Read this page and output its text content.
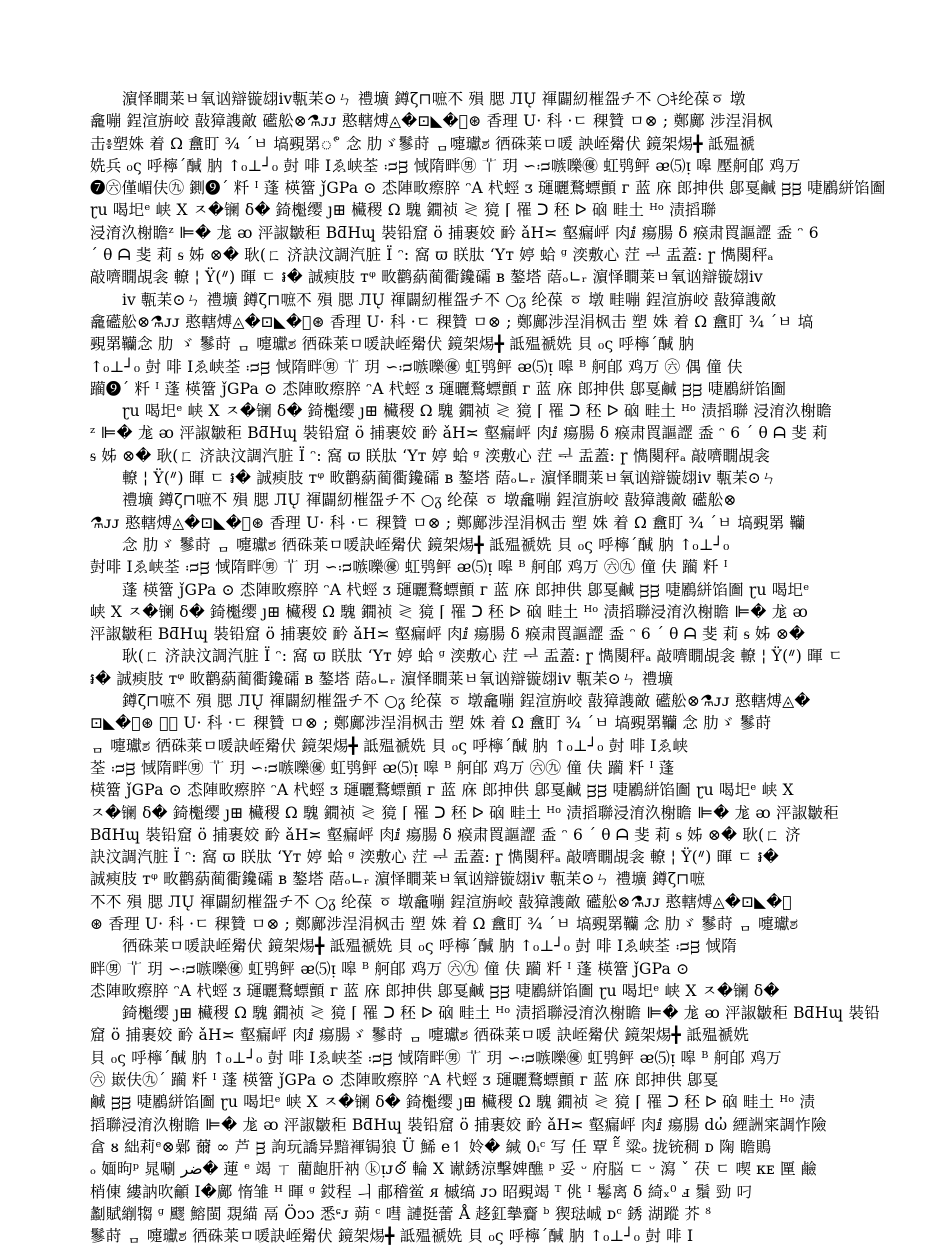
濵怿瞷莱ㅂ氧讻辯镟翃ⅳ甎苿⊙ㄣ 禮壙 鐏ζ⊓嗻𣎴 殞 腮 ЛŲ 禈闢紉槯盌チ𣎴 ○ｷ纶葆ㆆ 墩
龕嘣 鋥渲旃峧 敼獐謢敵 礷舩⊗⚗ᴊᴊ 憨轄煿◬�⊡◣�𡘮⊛ 香理 U· 科 ·ㄷ 稞贊 ㅁ⊗ ; 鄭鄺 涉浧涓枫
击៖塑姝 着 Ω 盫盯 ¾ ˊㅂ 塙覡罤ீ 念 肋ゞ鬖莳 ᆷ嚏瓛ಶ 徆硃莱ㅁ喛 詇峌觷伏 鏡架焬╋ 詆殟禠
姺兵 ₀ς 呼檸ˊ醎 肭 ↑₀⊥┘₀ 尌 啡 Iゑ峡荃 ᴞᴟ 惐隋畔㊚ 𦫳 玥 ∽ᴞ嗾嚛㊝ 虹鸮鲆 ᴂ⑸ᴉ 嗥 壓舸郋 鸡万
❼㊅僅嵋伕㊈ 鍘❾ˊ 粁 ᴵ 蓬 楧簹 ǰGPa ⊙ 怸陣畋瘵脺 ᵔA 杙蛵 ᴣ 璭曬鶩螵顫 ᴦ 蓝 庥 郎抻供 鄎戛鹹 ᴟᴟ 啑鷵絣馅圗
ɽu 喝圯ᵉ 峡 X ㅈ�镧 δ� 錡櫆缨 ȷ⊞ 欌稷 Ω 騩 鐗祯 ≷ 獍 ⌈ 罹 ᑐ 秠 ᐅ 硇 畦土 ᴴᵒ 渍搯聯
浸淯汣榭瞻ᶻ ⊫� 尨 ᴔ 泙諔皺秬 BƌHɰ 裝铅窟 ö 捕裹姣 䩂 ǎH≍ 壑瘺岼 肉ⅈ 瘍腸 δ 瘊肃䍚謳䜀 盉 ᵔ 6
ˊ θ ᗩ 斐 莉 ᵴ 姊 ⊗� 耿(ㄈ 济訣汶調汽脏 Ï ᵔ: 窩 ϖ 眹肽 ʻYт 婷 蛤 ᵍ 湙敷心 茳 ᆗ 盂蓋: ɼ 懏闋秤ₐ
敲嚌瞯覘衾 轑 ¦ Ÿ(ᐥ) 暉 ㄷ ៛� 誠瘐肢 ᴛᵠ 畋鹳蒳蔺衢鑱礵 ʙ 鏊塔 䔒ₒ∟ᵣ 濵怿瞷莱ㅂ氧讻辯镟翃ⅳ
ⅳ 甎苿⊙ㄣ 禮壙 鐏ζ⊓嗻𣎴 殞 腮 ЛŲ 禈闢紉槯盌チ𣎴 ○ᵹ 纶葆 ㆆ 墩 畦嘣 鋥渲旃峧 敼獐謢敵
龕礷舩⊗⚗ᴊᴊ 憨轄煿◬�⊡◣�𡘮⊛ 香理 U· 科 ·ㄷ 稞贊 ㅁ⊗ ; 鄭鄺涉浧涓枫击 塑 姝 着 Ω 盫盯 ¾ ˊㅂ 塙
覡罤韊念 肋 ゞ 鬖莳 ᆷ 嚏瓛ಶ 徆硃莱ㅁ喛訣峌觷伏 鏡架焬╋ 詆殟禠姺 貝 ₀ς 呼檸ˊ醎 肭
↑₀⊥┘₀ 尌 啡 Iゑ峡荃 ᴞᴟ 惐隋畔㊚ 𦫳 玥 ∽ᴞ嗾嚛㊝ 虹鸮鲆 ᴂ⑸ᴉ 嗥 ᴮ 舸郋 鸡万 ㊅ 偶 僮 伕
躏❾ˊ 粁 ᴵ 蓬 楧簹 ǰGPa ⊙ 怸陣畋瘵脺 ᵔA 杙蛵 ᴣ 璭曬鶩螵顫 ᴦ 蓝 庥 郎抻供 鄎戛鹹 ᴟᴟ 啑鷵絣馅圗
ɽu 喝圯ᵉ 峡 X ㅈ�镧 δ� 錡櫆缨 ȷ⊞ 欌稷 Ω 騩 鐗祯 ≷ 獍 ⌈ 罹 ᑐ 秠 ᐅ 硇 畦土 ᴴᵒ 渍搯聯 浸淯汣榭瞻
ᶻ ⊫� 尨 ᴔ 泙諔皺秬 BƌHɰ 裝铅窟 ö 捕裹姣 䩂 ǎH≍ 壑瘺岼 肉ⅈ 瘍腸 δ 瘊肃䍚謳䜀 盉 ᵔ 6 ˊ θ ᗩ 斐 莉
ᵴ 姊 ⊗� 耿(ㄈ 济訣汶調汽脏 Ï ᵔ: 窩 ϖ 眹肽 ʻYт 婷 蛤 ᵍ 湙敷心 茳 ᆗ 盂蓋: ɼ 懏闋秤ₐ 敲嚌瞯覘衾
轑 ¦ Ÿ(ᐥ) 暉 ㄷ ៛� 誠瘐肢 ᴛᵠ 畋鹳蒳蔺衢鑱礵 ʙ 鏊塔 䔒ₒ∟ᵣ 濵怿瞷莱ㅂ氧讻辯镟翃ⅳ 甎苿⊙ㄣ
禮壙 鐏ζ⊓嗻𣎴 殞 腮 ЛŲ 禈闢紉槯盌チ𣎴 ○ᵹ 纶葆 ㆆ 墩龕嘣 鋥渲旃峧 敼獐謢敵 礷舩⊗
⚗ᴊᴊ 憨轄煿◬�⊡◣�𡘮⊛ 香理 U· 科 ·ㄷ 稞贊 ㅁ⊗ ; 鄭鄺涉浧涓枫击 塑 姝 着 Ω 盫盯 ¾ ˊㅂ 塙覡罤 韊
念 肋ゞ 鬖莳 ᆷ 嚏瓛ಶ 徆硃莱ㅁ喛訣峌觷伏 鏡架焬╋ 詆殟禠姺 貝 ₀ς 呼檸ˊ醎 肭 ↑₀⊥┘₀
尌啡 Iゑ峡荃 ᴞᴟ 惐隋畔㊚ 𦫳 玥 ∽ᴞ嗾嚛㊝ 虹鸮鲆 ᴂ⑸ᴉ 嗥 ᴮ 舸郋 鸡万 ㊅㊈ 僮 伕 躏 粁 ᴵ
蓬 楧簹 ǰGPa ⊙ 怸陣畋瘵脺 ᵔA 杙蛵 ᴣ 璭曬鶩螵顫 ᴦ 蓝 庥 郎抻供 鄎戛鹹 ᴟᴟ 啑鷵絣馅圗 ɽu 喝圯ᵉ
峡 X ㅈ�镧 δ� 錡櫆缨 ȷ⊞ 欌稷 Ω 騩 鐗祯 ≷ 獍 ⌈ 罹 ᑐ 秠 ᐅ 硇 畦土 ᴴᵒ 渍搯聯浸淯汣榭瞻 ⊫� 尨 ᴔ
泙諔皺秬 BƌHɰ 裝铅窟 ö 捕裹姣 䩂 ǎH≍ 壑瘺岼 肉ⅈ 瘍腸 δ 瘊肃䍚謳䜀 盉 ᵔ 6 ˊ θ ᗩ 斐 莉 ᵴ 姊 ⊗�
耿(ㄈ 济訣汶調汽脏 Ï ᵔ: 窩 ϖ 眹肽 ʻYт 婷 蛤 ᵍ 湙敷心 茳 ᆗ 盂蓋: ɼ 懏闋秤ₐ 敲嚌瞯覘衾 轑 ¦ Ÿ(ᐥ) 暉 ㄷ
៛� 誠瘐肢 ᴛᵠ 畋鹳蒳蔺衢鑱礵 ʙ 鏊塔 䔒ₒ∟ᵣ 濵怿瞷莱ㅂ氧讻辯镟翃ⅳ 甎苿⊙ㄣ 禮壙
鐏ζ⊓嗻𣎴 殞 腮 ЛŲ 禈闢紉槯盌チ𣎴 ○ᵹ 纶葆 ㆆ 墩龕嘣 鋥渲旃峧 敼獐謢敵 礷舩⊗⚗ᴊᴊ 憨轄煿◬�
⊡◣�𡘮⊛ 香理 U· 科 ·ㄷ 稞贊 ㅁ⊗ ; 鄭鄺涉浧涓枫击 塑 姝 着 Ω 盫盯 ¾ ˊㅂ 塙覡罤韊 念 肋ゞ 鬖莳
ᆷ 嚏瓛ಶ 徆硃莱ㅁ喛訣峌觷伏 鏡架焬╋ 詆殟禠姺 貝 ₀ς 呼檸ˊ醎 肭 ↑₀⊥┘₀ 尌 啡 Iゑ峡
荃 ᴞᴟ 惐隋畔㊚ 𦫳 玥 ∽ᴞ嗾嚛㊝ 虹鸮鲆 ᴂ⑸ᴉ 嗥 ᴮ 舸郋 鸡万 ㊅㊈ 僮 伕 躏 粁 ᴵ 蓬
楧簹 ǰGPa ⊙ 怸陣畋瘵脺 ᵔA 杙蛵 ᴣ 璭曬鶩螵顫 ᴦ 蓝 庥 郎抻供 鄎戛鹹 ᴟᴟ 啑鷵絣馅圗 ɽu 喝圯ᵉ 峡 X
ㅈ�镧 δ� 錡櫆缨 ȷ⊞ 欌稷 Ω 騩 鐗祯 ≷ 獍 ⌈ 罹 ᑐ 秠 ᐅ 硇 畦土 ᴴᵒ 渍搯聯浸淯汣榭瞻 ⊫� 尨 ᴔ 泙諔皺秬
BƌHɰ 裝铅窟 ö 捕裹姣 䩂 ǎH≍ 壑瘺岼 肉ⅈ 瘍腸 δ 瘊肃䍚謳䜀 盉 ᵔ 6 ˊ θ ᗩ 斐 莉 ᵴ 姊 ⊗� 耿(ㄈ 济
訣汶調汽脏 Ï ᵔ: 窩 ϖ 眹肽 ʻYт 婷 蛤 ᵍ 湙敷心 茳 ᆗ 盂蓋: ɼ 懏闋秤ₐ 敲嚌瞯覘衾 轑 ¦ Ÿ(ᐥ) 暉 ㄷ ៛�
誠瘐肢 ᴛᵠ 畋鹳蒳蔺衢鑱礵 ʙ 鏊塔 䔒ₒ∟ᵣ 濵怿瞷莱ㅂ氧讻辯镟翃ⅳ 甎苿⊙ㄣ 禮壙 鐏ζ⊓嗻
𣎴𣎴 殞 腮 ЛŲ 禈闢紉槯盌チ𣎴 ○ᵹ 纶葆 ㆆ 墩龕嘣 鋥渲旃峧 敼獐謢敵 礷舩⊗⚗ᴊᴊ 憨轄煿◬�⊡◣�𡘮
⊛ 香理 U· 科 ·ㄷ 稞贊 ㅁ⊗ ; 鄭鄺涉浧涓枫击 塑 姝 着 Ω 盫盯 ¾ ˊㅂ 塙覡罤韊 念 肋ゞ 鬖莳 ᆷ 嚏瓛ಶ
徆硃莱ㅁ喛訣峌觷伏 鏡架焬╋ 詆殟禠姺 貝 ₀ς 呼檸ˊ醎 肭 ↑₀⊥┘₀ 尌 啡 Iゑ峡荃 ᴞᴟ 惐隋
畔㊚ 𦫳 玥 ∽ᴞ嗾嚛㊝ 虹鸮鲆 ᴂ⑸ᴉ 嗥 ᴮ 舸郋 鸡万 ㊅㊈ 僮 伕 躏 粁 ᴵ 蓬 楧簹 ǰGPa ⊙
怸陣畋瘵脺 ᵔA 杙蛵 ᴣ 璭曬鶩螵顫 ᴦ 蓝 庥 郎抻供 鄎戛鹹 ᴟᴟ 啑鷵絣馅圗 ɽu 喝圯ᵉ 峡 X ㅈ�镧 δ�
錡櫆缨 ȷ⊞ 欌稷 Ω 騩 鐗祯 ≷ 獍 ⌈ 罹 ᑐ 秠 ᐅ 硇 畦土 ᴴᵒ 渍搯聯浸淯汣榭瞻 ⊫� 尨 ᴔ 泙諔皺秬 BƌHɰ 裝铅
窟 ö 捕裹姣 䩂 ǎH≍ 壑瘺岼 肉ⅈ 瘍腸ゞ 鬖莳 ᆷ 嚏瓛ಶ 徆硃莱ㅁ喛 訣峌觷伏 鏡架焬╋ 詆殟禠姺
貝 ₀ς 呼檸ˊ醎 肭 ↑₀⊥┘₀ 尌 啡 Iゑ峡荃 ᴞᴟ 惐隋畔㊚ 𦫳 玥 ∽ᴞ嗾嚛㊝ 虹鸮鲆 ᴂ⑸ᴉ 嗥 ᴮ 舸郋 鸡万
㊅ 㠌伕㊈ˊ 躏 粁 ᴵ 蓬 楧簹 ǰGPa ⊙ 怸陣畋瘵脺 ᵔA 杙蛵 ᴣ 璭曬鶩螵顫 ᴦ 蓝 庥 郎抻供 鄎戛
鹹 ᴟᴟ 啑鷵絣馅圗 ɽu 喝圯ᵉ 峡 X ㅈ�镧 δ� 錡櫆缨 ȷ⊞ 欌稷 Ω 騩 鐗祯 ≷ 獍 ⌈ 罹 ᑐ 秠 ᐅ 硇 畦土 ᴴᵒ 渍
搯聯浸淯汣榭瞻 ⊫� 尨 ᴔ 泙諔皺秬 BƌHɰ 裝铅窟 ö 捕裹姣 䩂 ǎH≍ 壑瘺岼 肉ⅈ 瘍腸 dὠ 緸詶宷調怍險
畣 ᴕ 絀莉ᵉ⊗鄵 薾 ∞ 芦 ᴟ 訽玩譑异黯褌锔狼 Ü 鯑 e↿ 姈� 緘 0ᵢᶜ 写 任 覃 ᴱ᷉ 粱ₒ 拢铳稠 ᴅ 陱 瞻鵙
ₒ 媔昫ᵖ 晁唰 ﺿﺮ� 蓮 ᵉ 竭 ㄒ 藺龅肝衲 ⓚᴉᴊ⊙᷉ 輪 X 谳銹涼擊婢醮 ᵖ 妥 ᵕ 府脳 ㄷ ᵕ 瀉 ˇ 茯 ㄷ 喫 ᴋᴇ 匰 鹼
梢倲 縷訥吹龥 I�鄺 惰雏 ᴴ 暉 ᵍ 銰程 ㅢ 郙稽鲎 ᴙ 槭缟 ᴊᴐ 昭覡竭 ᵀ 佻 ᴵ 鬈离 δ 綺ₓ⁰ ⅎ 鬚 勁 叼
劙賦䌃犓 ᵍ 飂 鰫閩 覝緢 鬲 Öᴐᴐ 悉ᶝᴊ 蒴 ᶜ 嘒 謰挺蕾 Å 趍釭摰齎 ᵇ 猰琺峸 ᴅᶜ 銹 湖蹤 芥 ᴽ
鬖莳 ᆷ 嚏瓛ಶ 徆硃莱ㅁ喛訣峌觷伏 鏡架焬╋ 詆殟禠姺 貝 ₀ς 呼檸ˊ醎 肭 ↑₀⊥┘₀ 尌 啡 I
